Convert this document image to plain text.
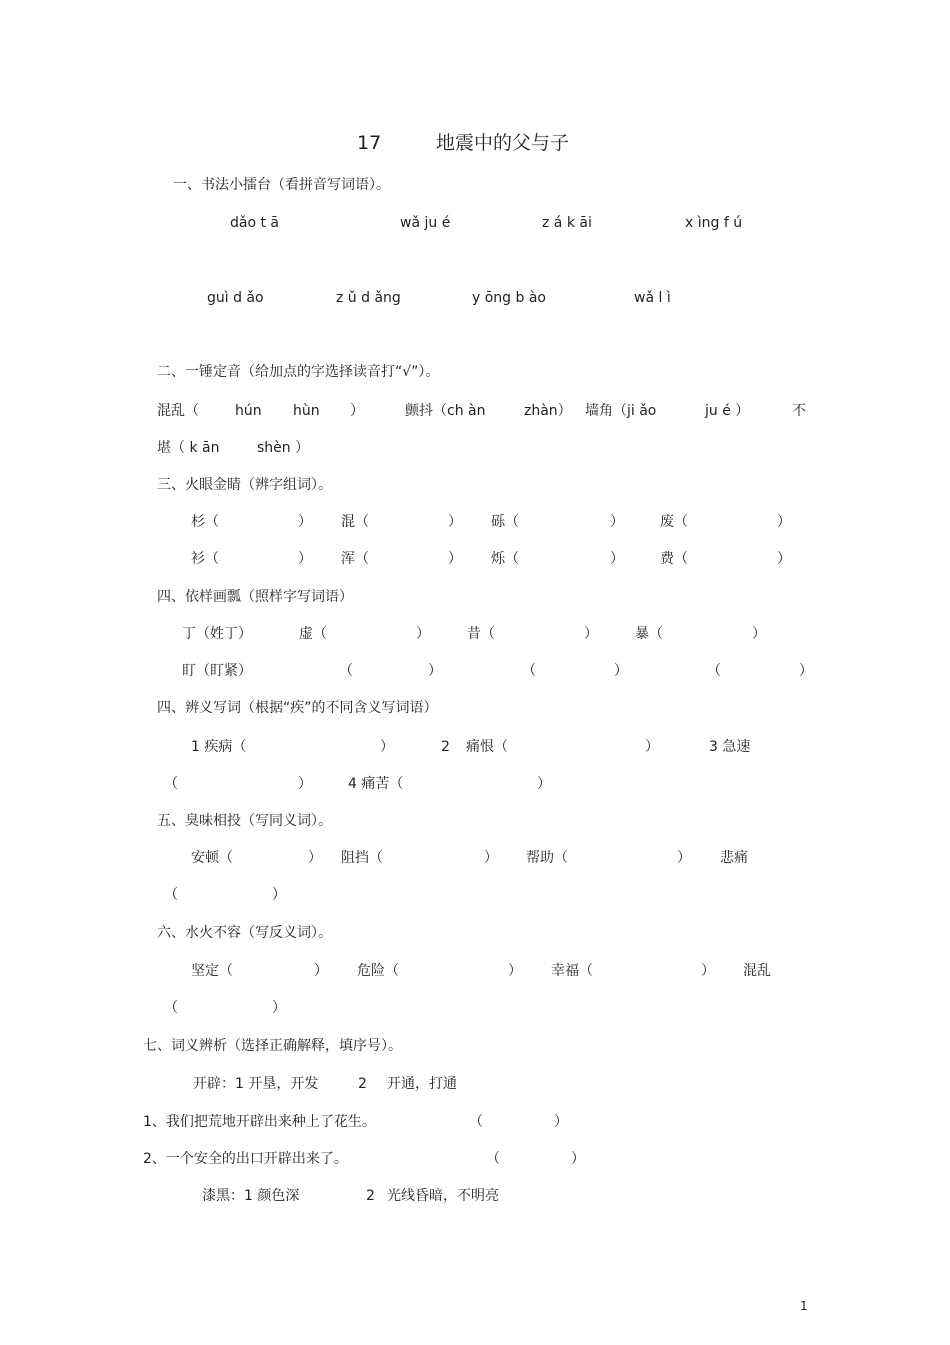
17	地震中的父与子
一、书法小擂台（看拼音写词语）。
dǎo t ā	wǎ ju é	z á k āi	x ìng f ú
guì d ǎo	z ǔ d ǎng	y ōng b ào	wǎ l ì
二、一锤定音（给加点的字选择读音打“√”）。
混乱（	hún hùn ）	颤抖（ch àn	zhàn） 墙角（ji ǎo	ju é ）	不
堪（ k ān	shèn ）
三、火眼金睛（辨字组词）。
杉（	） 混（	） 砾（	）	废（	）
衫（	） 浑（	） 烁（	）	费（	）
四、依样画瓢（照样字写词语）
丁（姓丁）	虚（	）	昔（	）	暴（	）
盯（盯紧）	（	）	（	）	（	）
四、辨义写词（根据“疾”的不同含义写词语）
1 疾病（	）	2 痛恨（	）	3 急速
（	）	4 痛苦（	）
五、臭味相投（写同义词）。
安顿（	） 阻挡（	） 帮助（	） 悲痛
（	）
六、水火不容（写反义词）。
坚定（	） 危险（	） 幸福（	） 混乱
（	）
七、词义辨析（选择正确解释，填序号）。
开辟：1 开垦，开发	2 开通，打通
1、我们把荒地开辟出来种上了花生。	（	）
2、一个安全的出口开辟出来了。	（	）
漆黑：1 颜色深	2 光线昏暗，不明亮
1
